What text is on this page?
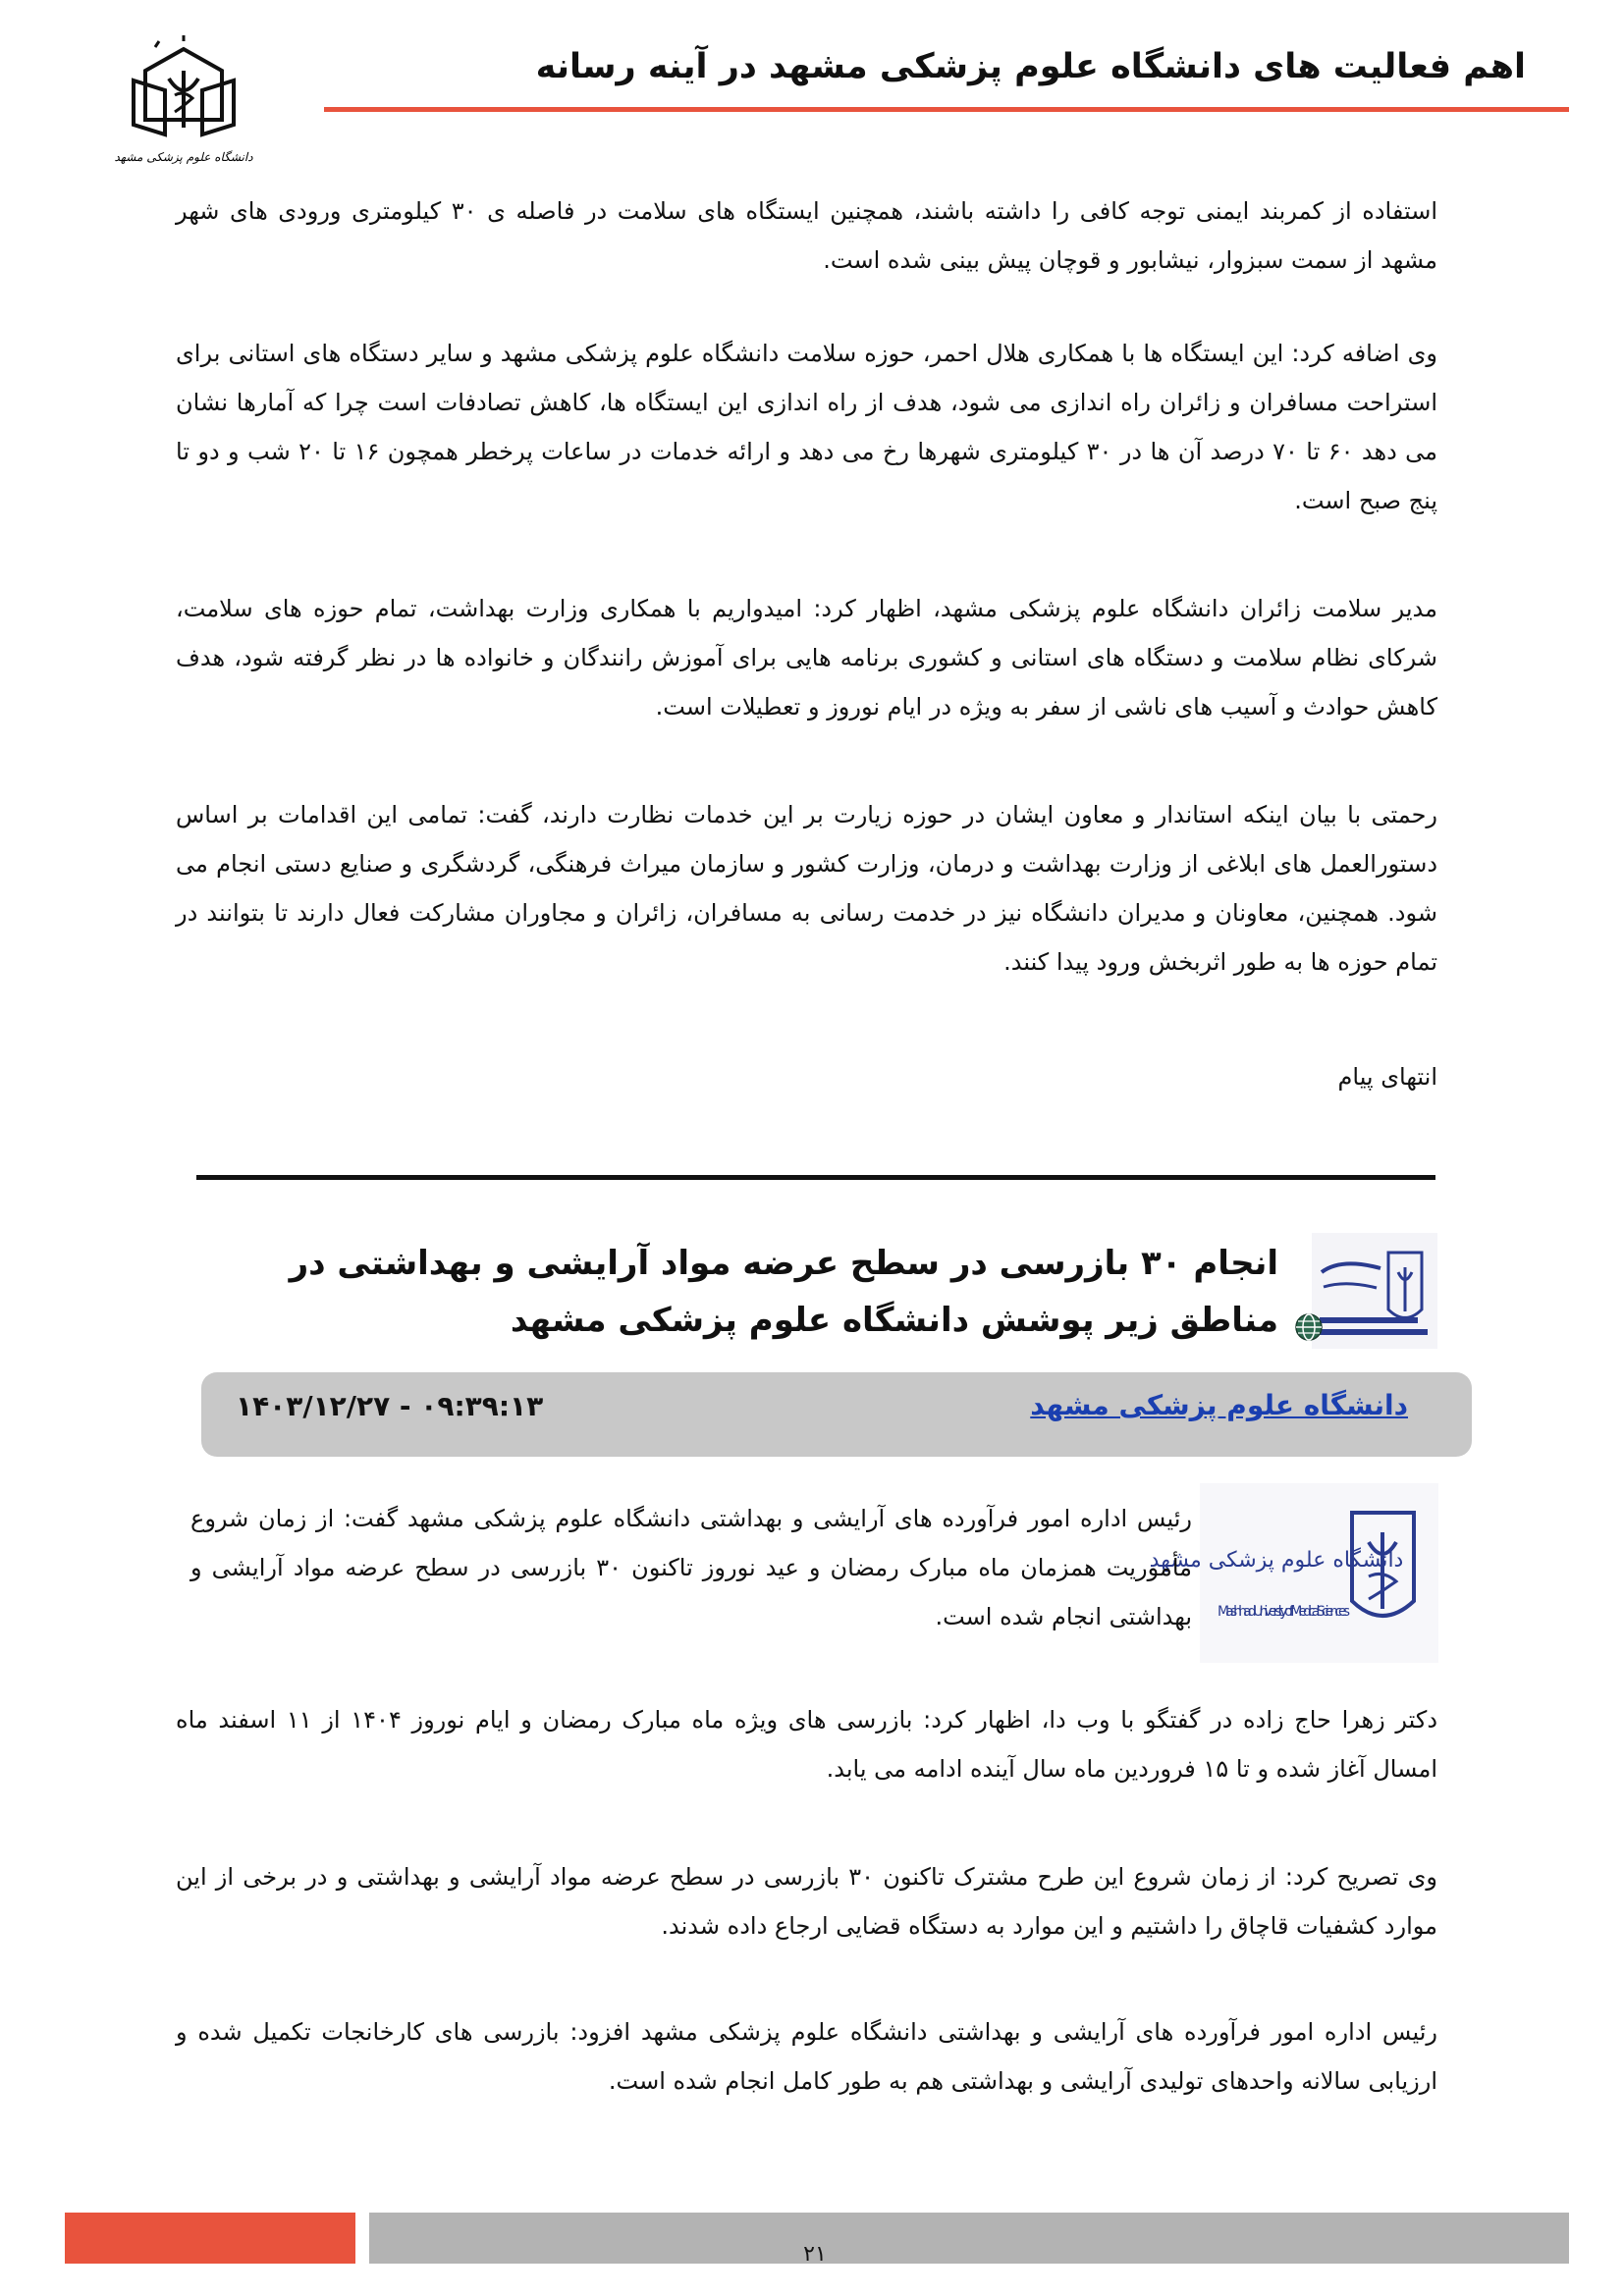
اهم فعالیت های دانشگاه علوم پزشکی مشهد در آینه رسانه
دانشگاه علوم پزشکی مشهد
استفاده از کمربند ایمنی توجه کافی را داشته باشند، همچنین ایستگاه های سلامت در فاصله ی ۳۰ کیلومتری ورودی های شهر مشهد از سمت سبزوار، نیشابور و قوچان پیش بینی شده است.
وی اضافه کرد: این ایستگاه ها با همکاری هلال احمر، حوزه سلامت دانشگاه علوم پزشکی مشهد و سایر دستگاه های استانی برای استراحت مسافران و زائران راه اندازی می شود، هدف از راه اندازی این ایستگاه ها، کاهش تصادفات است چرا که آمارها نشان می دهد ۶۰ تا ۷۰ درصد آن ها در ۳۰ کیلومتری شهرها رخ می دهد و ارائه خدمات در ساعات پرخطر همچون ۱۶ تا ۲۰ شب و دو تا پنج صبح است.
مدیر سلامت زائران دانشگاه علوم پزشکی مشهد، اظهار کرد: امیدواریم با همکاری وزارت بهداشت، تمام حوزه های سلامت، شرکای نظام سلامت و دستگاه های استانی و کشوری برنامه هایی برای آموزش رانندگان و خانواده ها در نظر گرفته شود، هدف کاهش حوادث و آسیب های ناشی از سفر به ویژه در ایام نوروز و تعطیلات است.
رحمتی با بیان اینکه استاندار و معاون ایشان در حوزه زیارت بر این خدمات نظارت دارند، گفت: تمامی این اقدامات بر اساس دستورالعمل های ابلاغی از وزارت بهداشت و درمان، وزارت کشور و سازمان میراث فرهنگی، گردشگری و صنایع دستی انجام می شود. همچنین، معاونان و مدیران دانشگاه نیز در خدمت رسانی به مسافران، زائران و مجاوران مشارکت فعال دارند تا بتوانند در تمام حوزه ها به طور اثربخش ورود پیدا کنند.
انتهای پیام
انجام ۳۰ بازرسی در سطح عرضه مواد آرایشی و بهداشتی در مناطق زیر پوشش دانشگاه علوم پزشکی مشهد
دانشگاه علوم پزشکی مشهد
۱۴۰۳/۱۲/۲۷ - ۰۹:۳۹:۱۳
دانشگاه علوم پزشکی مشهد
Mashhad University of Medical Sciences
رئیس اداره امور فرآورده های آرایشی و بهداشتی دانشگاه علوم پزشکی مشهد گفت: از زمان شروع مأموریت همزمان ماه مبارک رمضان و عید نوروز تاکنون ۳۰ بازرسی در سطح عرضه مواد آرایشی و بهداشتی انجام شده است.
دکتر زهرا حاج زاده در گفتگو با وب دا، اظهار کرد: بازرسی های ویژه ماه مبارک رمضان و ایام نوروز ۱۴۰۴ از ۱۱ اسفند ماه امسال آغاز شده و تا ۱۵ فروردین ماه سال آینده ادامه می یابد.
وی تصریح کرد: از زمان شروع این طرح مشترک تاکنون ۳۰ بازرسی در سطح عرضه مواد آرایشی و بهداشتی و در برخی از این موارد کشفیات قاچاق را داشتیم و این موارد به دستگاه قضایی ارجاع داده شدند.
رئیس اداره امور فرآورده های آرایشی و بهداشتی دانشگاه علوم پزشکی مشهد افزود: بازرسی های کارخانجات تکمیل شده و ارزیابی سالانه واحدهای تولیدی آرایشی و بهداشتی هم به طور کامل انجام شده است.
۲۱
